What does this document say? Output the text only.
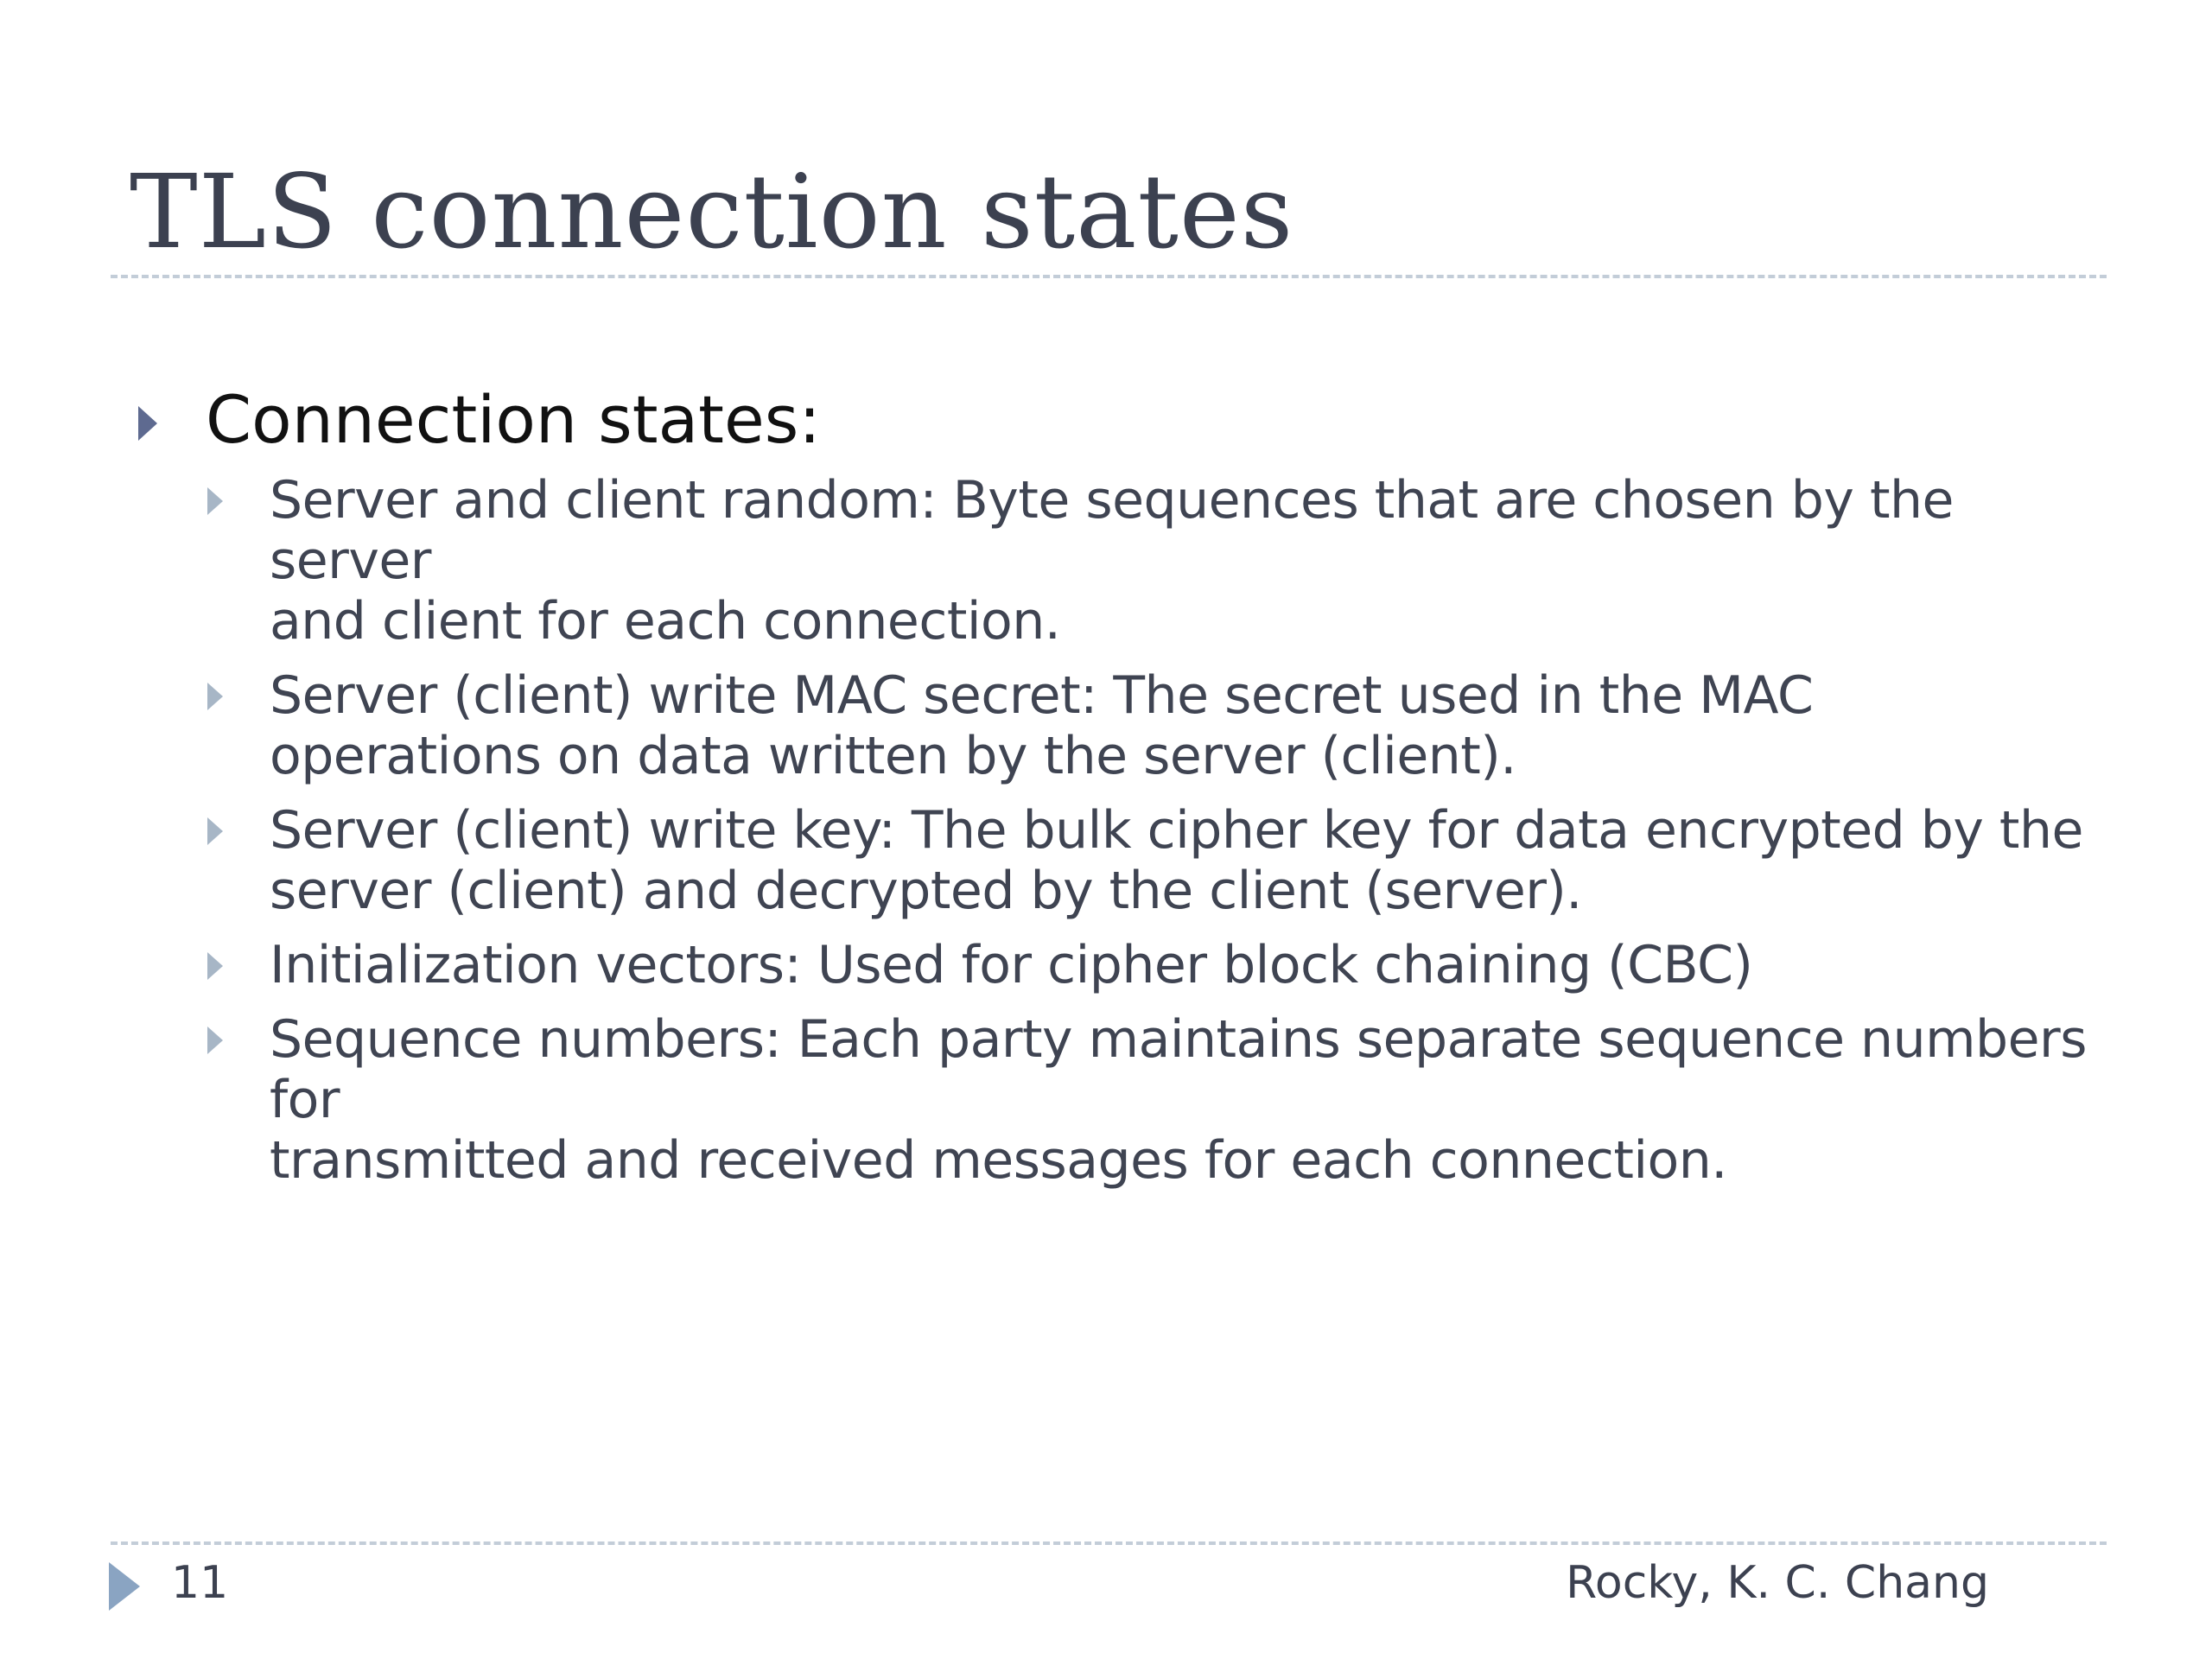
TLS connection states
Connection states:
Server and client random: Byte sequences that are chosen by the server
and client for each connection.
Server (client) write MAC secret: The secret used in the MAC
operations on data written by the server (client).
Server (client) write key: The bulk cipher key for data encrypted by the
server (client) and decrypted by the client (server).
Initialization vectors: Used for cipher block chaining (CBC)
Sequence numbers: Each party maintains separate sequence numbers for
transmitted and received messages for each connection.
11	Rocky, K. C. Chang
